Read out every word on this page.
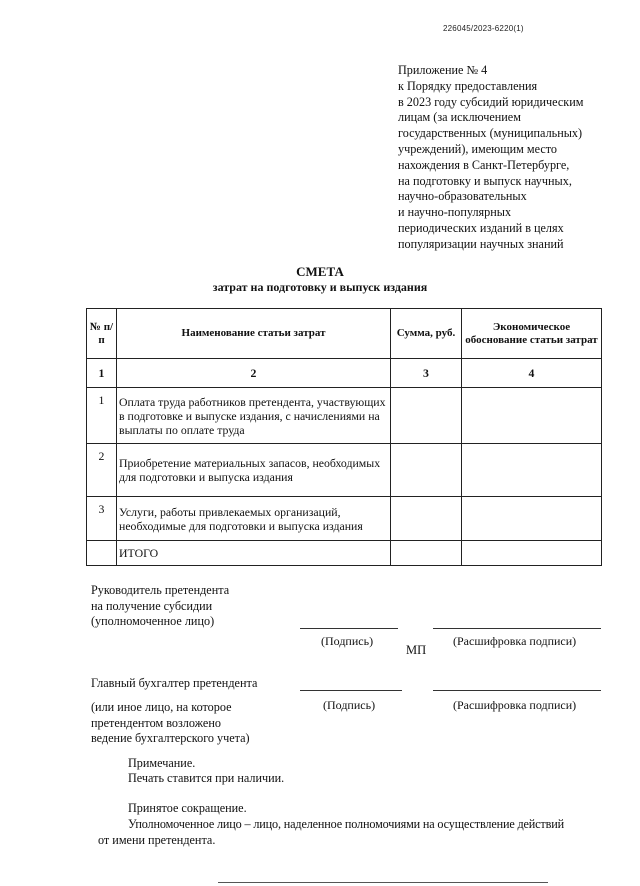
226045/2023-6220(1)
Приложение № 4
к Порядку предоставления
в 2023 году субсидий юридическим
лицам (за исключением
государственных (муниципальных)
учреждений), имеющим место
нахождения в Санкт-Петербурге,
на подготовку и выпуск научных,
научно-образовательных
и научно-популярных
периодических изданий в целях
популяризации научных знаний
СМЕТА
затрат на подготовку и выпуск издания
№ п/п	Наименование статьи затрат	Сумма, руб.	Экономическое обоснование статьи затрат
1	2	3	4
1	Оплата труда работников претендента, участвующих в подготовке и выпуске издания, с начислениями на выплаты по оплате труда		
2	Приобретение материальных запасов, необходимых для подготовки и выпуска издания		
3	Услуги, работы привлекаемых организаций, необходимые для подготовки и выпуска издания		
	ИТОГО		
Руководитель претендента
на получение субсидии
(уполномоченное лицо)
(Подпись)
МП
(Расшифровка подписи)
Главный бухгалтер претендента
(или иное лицо, на которое
претендентом возложено
ведение бухгалтерского учета)
(Подпись)	(Расшифровка подписи)
Примечание.
Печать ставится при наличии.
Принятое сокращение.
Уполномоченное лицо – лицо, наделенное полномочиями на осуществление действий
от имени претендента.
